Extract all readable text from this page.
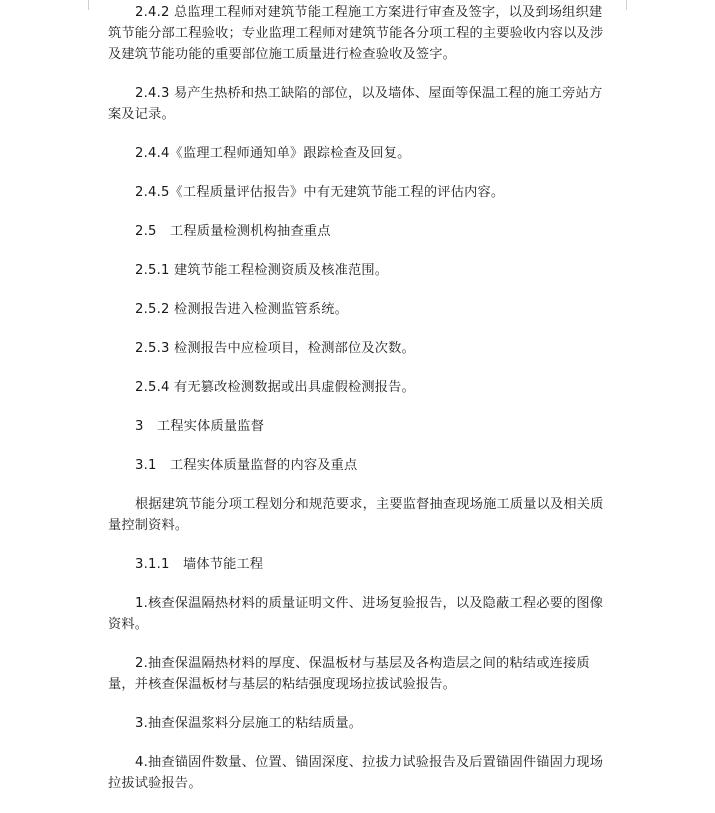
2.4.2 总监理工程师对建筑节能工程施工方案进行审查及签字，以及到场组织建筑节能分部工程验收；专业监理工程师对建筑节能各分项工程的主要验收内容以及涉及建筑节能功能的重要部位施工质量进行检查验收及签字。

2.4.3 易产生热桥和热工缺陷的部位，以及墙体、屋面等保温工程的施工旁站方案及记录。

2.4.4《监理工程师通知单》跟踪检查及回复。

2.4.5《工程质量评估报告》中有无建筑节能工程的评估内容。

2.5　工程质量检测机构抽查重点

2.5.1 建筑节能工程检测资质及核准范围。

2.5.2 检测报告进入检测监管系统。

2.5.3 检测报告中应检项目，检测部位及次数。

2.5.4 有无篡改检测数据或出具虚假检测报告。

3　工程实体质量监督

3.1　工程实体质量监督的内容及重点

根据建筑节能分项工程划分和规范要求，主要监督抽查现场施工质量以及相关质量控制资料。

3.1.1　墙体节能工程

1.核查保温隔热材料的质量证明文件、进场复验报告，以及隐蔽工程必要的图像资料。

2.抽查保温隔热材料的厚度、保温板材与基层及各构造层之间的粘结或连接质量，并核查保温板材与基层的粘结强度现场拉拔试验报告。

3.抽查保温浆料分层施工的粘结质量。

4.抽查锚固件数量、位置、锚固深度、拉拔力试验报告及后置锚固件锚固力现场拉拔试验报告。
